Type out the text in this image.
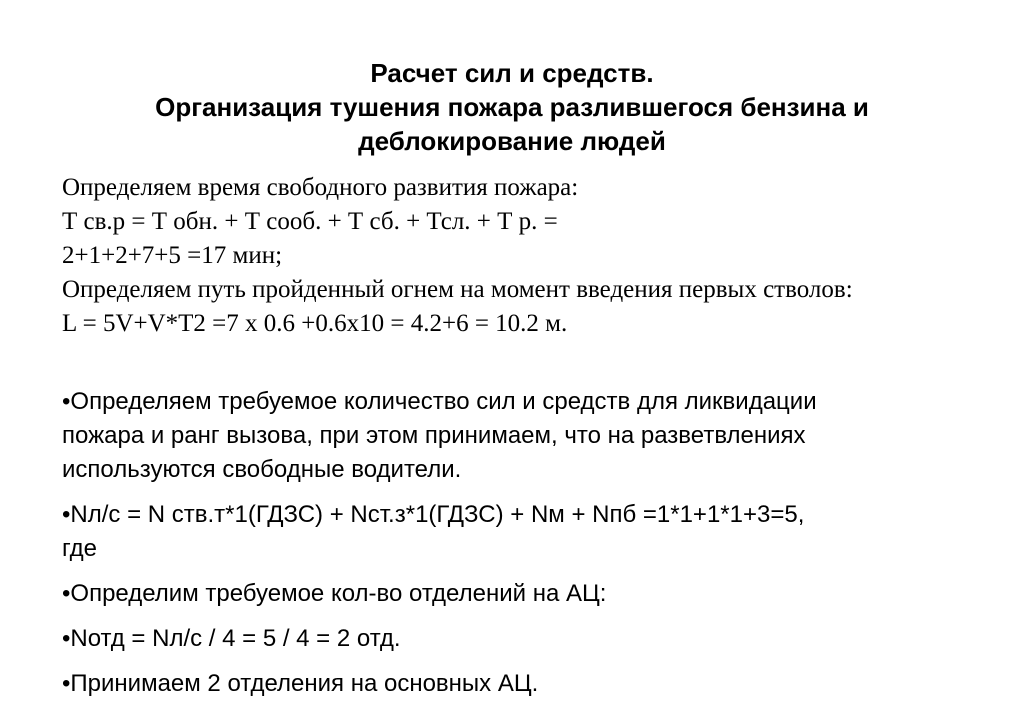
Расчет сил и средств.
Организация тушения пожара разлившегося бензина и
деблокирование людей
Определяем время свободного развития пожара:
Т св.р = Т обн. + Т сооб. + Т сб. + Тсл. + Т р. =
2+1+2+7+5 =17 мин;
Определяем путь пройденный огнем на момент введения первых стволов:
L = 5V+V*T2 =7 х 0.6 +0.6х10 = 4.2+6 = 10.2 м.
•Определяем требуемое количество сил и средств для ликвидации
пожара и ранг вызова, при этом принимаем, что на разветвлениях
используются свободные водители.
•Nл/с = N ств.т*1(ГДЗС) + Nст.з*1(ГДЗС) + Nм + Nпб =1*1+1*1+3=5,
где
•Определим требуемое кол-во отделений на АЦ:
•Nотд = Nл/с / 4 = 5 / 4 = 2 отд.
•Принимаем 2 отделения на основных АЦ.
